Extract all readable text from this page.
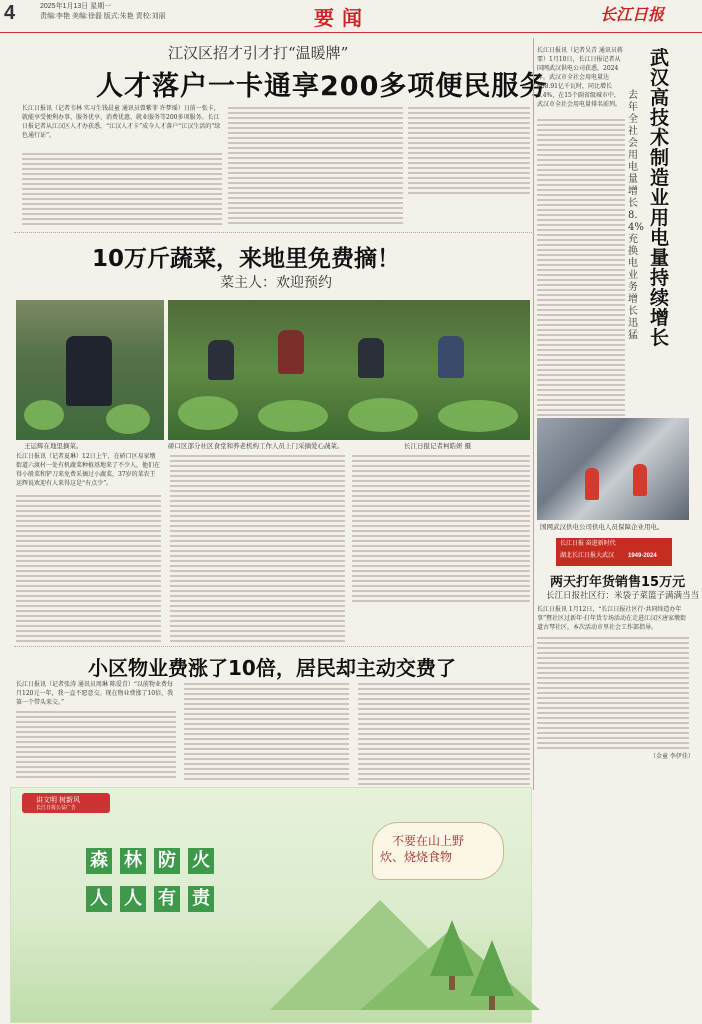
4	2025年1月13日 星期一
责编:李艳 美编:徐磊 版式:朱艳 责校:刘丽	要闻	长江日报
江汉区招才引才打“温暖牌”
人才落户一卡通享200多项便民服务
长江日报讯（记者韦林 实习生钱晨童 通讯员曾紫菲 许梦瑶）日前一张卡，就能享受便利办事、服务优享、消费优惠、就业服务等200多项服务。长江日报记者从江汉区人才办获悉，“江汉人才卡”成今人才落户“江汉生活的”绿色通行证”。
武汉高技术制造业用电量持续增长
去年全社会用电量增长8.4% 充换电业务增长迅猛
长江日报讯（记者吴青 通讯员蒋霏）1月10日，长江日报记者从国网武汉供电公司获悉，2024年，武汉市全社会用电量达808.91亿千瓦时，同比增长8.4%，在15个副省级城市中，武汉市全社会用电量排名前列。
国网武汉供电公司供电人员保障企业用电。
长江日报 奋进新时代
湖北长江日报大武汉 1949-2024
两天打年货销售15万元
长江日报社区行：米袋子菜篮子满满当当
长江日报讯 1月12日，“长江日报社区行·共同缔造办年事”暨社区过新年·打年货专场活动在走进江汉区唐家墩街道古琴社区，本次活动市里社会工作部指导。
（金童 李伊佳）
10万斤蔬菜，来地里免费摘！
菜主人：欢迎预约
王运辉在地里摘菜。	硚口区部分社区食堂和养老机构工作人员上门采摘爱心蔬菜。	长江日报记者柯皓妍 摄
长江日报讯（记者夏琳）12日上午，在硚口区易家墩街道六渡村一处有机蔬菜种植基地来了不少人，他们在得小般菜和铲刀来免费采摘过小蔬菜，37岁的菜农王运辉说欢迎有人来得这是“有点少”。
小区物业费涨了10倍，居民却主动交费了
长江日报讯（记者张涛 通讯员周琳 陈爱青）“以前物业费每月120元一年，我一直不愿意交。现在物业费涨了10倍，我第一个带头来交。”
讲文明 树新风
长江日报公益广告
森 林 防 火
人 人 有 责
不要在山上野
炊、烧烧食物
